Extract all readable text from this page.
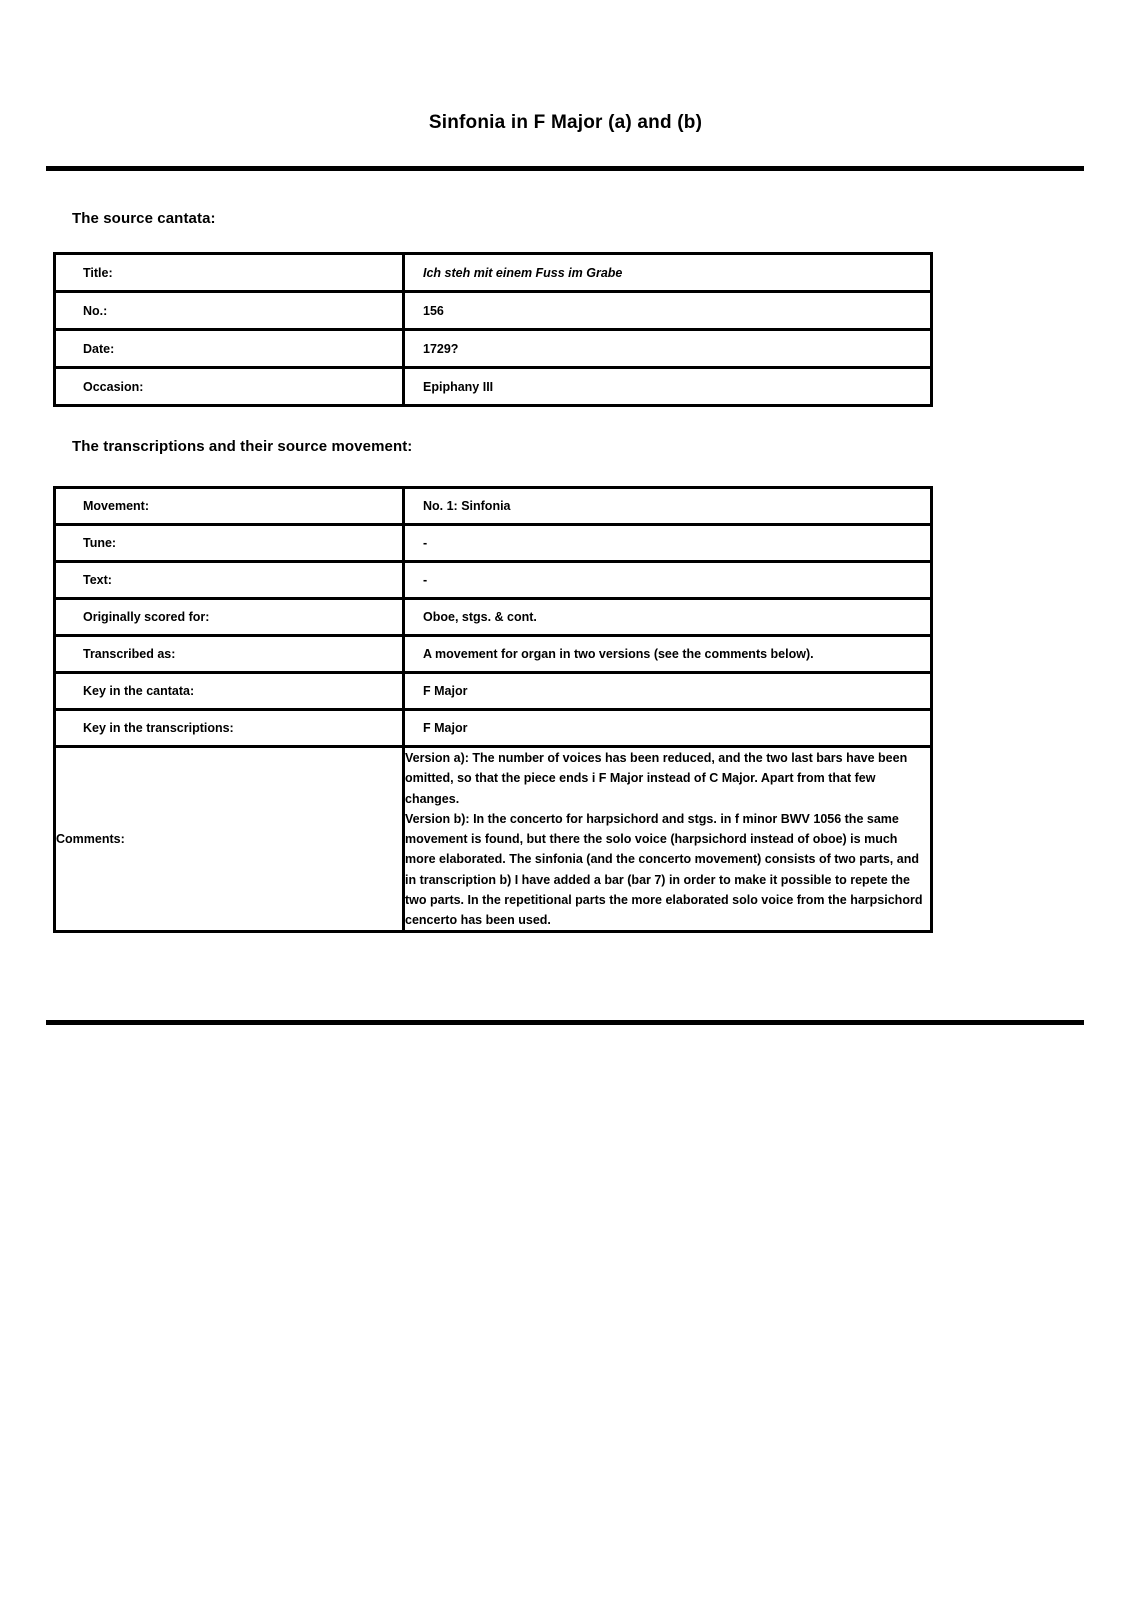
Sinfonia in F Major (a) and (b)
The source cantata:
Title:	Ich steh mit einem Fuss im Grabe
No.:	156
Date:	1729?
Occasion:	Epiphany III
The transcriptions and their source movement:
Movement:	No. 1: Sinfonia
Tune:	-
Text:	-
Originally scored for:	Oboe, stgs. & cont.
Transcribed as:	A movement for organ in two versions (see the comments below).
Key in the cantata:	F Major
Key in the transcriptions:	F Major
Comments:	Version a): The number of voices has been reduced, and the two last bars have been omitted, so that the piece ends i F Major instead of C Major. Apart from that few changes.

Version b): In the concerto for harpsichord and stgs. in f minor BWV 1056 the same movement is found, but there the solo voice (harpsichord instead of oboe) is much more elaborated. The sinfonia (and the concerto movement) consists of two parts, and in transcription b) I have added a bar (bar 7) in order to make it possible to repete the two parts. In the repetitional parts the more elaborated solo voice from the harpsichord cencerto has been used.
